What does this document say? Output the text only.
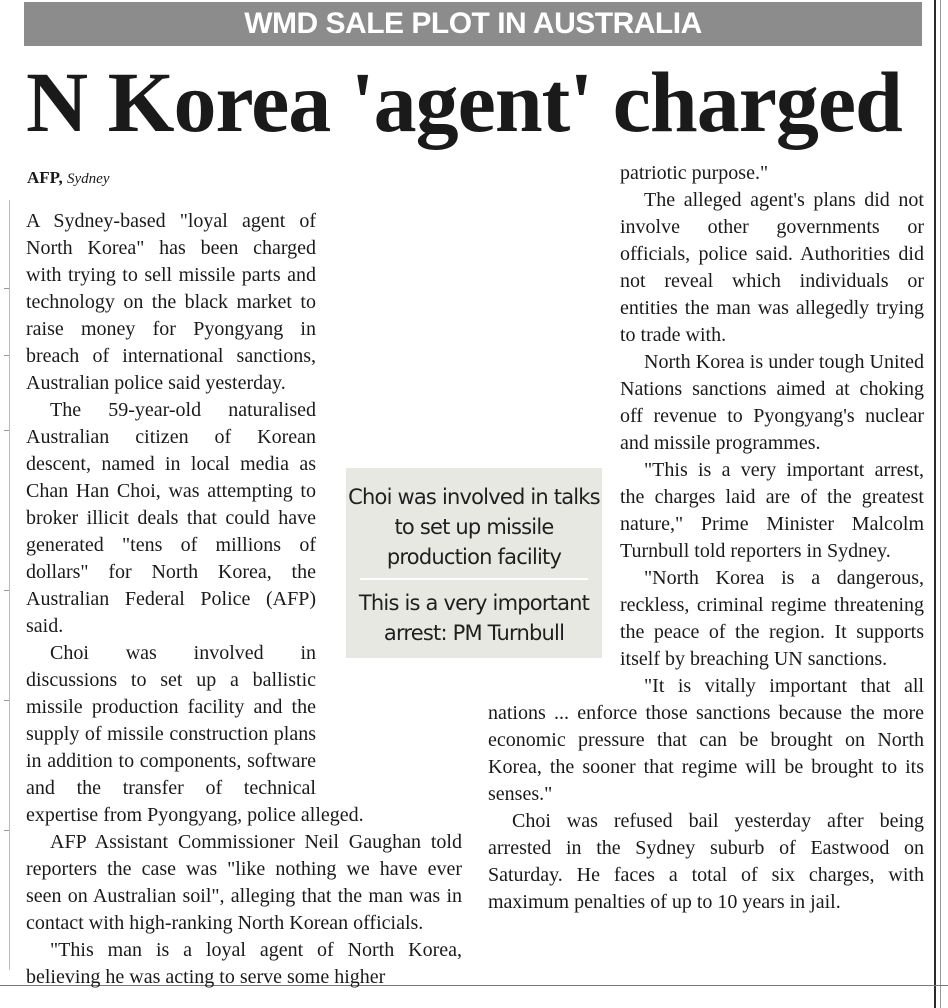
WMD SALE PLOT IN AUSTRALIA
N Korea 'agent' charged
AFP, Sydney

A Sydney-based "loyal agent of North Korea" has been charged with trying to sell missile parts and technology on the black market to raise money for Pyongyang in breach of international sanctions, Australian police said yesterday.

The 59-year-old naturalised Australian citizen of Korean descent, named in local media as Chan Han Choi, was attempting to broker illicit deals that could have generated "tens of millions of dollars" for North Korea, the Australian Federal Police (AFP) said.

Choi was involved in discussions to set up a ballistic missile production facility and the supply of missile construction plans in addition to components, software and the transfer of technical expertise from Pyongyang, police alleged.

AFP Assistant Commissioner Neil Gaughan told reporters the case was "like nothing we have ever seen on Australian soil", alleging that the man was in contact with high-ranking North Korean officials.

"This man is a loyal agent of North Korea, believing he was acting to serve some higher

patriotic purpose."

The alleged agent's plans did not involve other governments or officials, police said. Authorities did not reveal which individuals or entities the man was allegedly trying to trade with.

North Korea is under tough United Nations sanctions aimed at choking off revenue to Pyongyang's nuclear and missile programmes.

"This is a very important arrest, the charges laid are of the greatest nature," Prime Minister Malcolm Turnbull told reporters in Sydney.

"North Korea is a dangerous, reckless, criminal regime threatening the peace of the region. It supports itself by breaching UN sanctions.

"It is vitally important that all nations ... enforce those sanctions because the more economic pressure that can be brought on North Korea, the sooner that regime will be brought to its senses."

Choi was refused bail yesterday after being arrested in the Sydney suburb of Eastwood on Saturday. He faces a total of six charges, with maximum penalties of up to 10 years in jail.

Choi was involved in talks to set up missile production facility
This is a very important arrest: PM Turnbull
